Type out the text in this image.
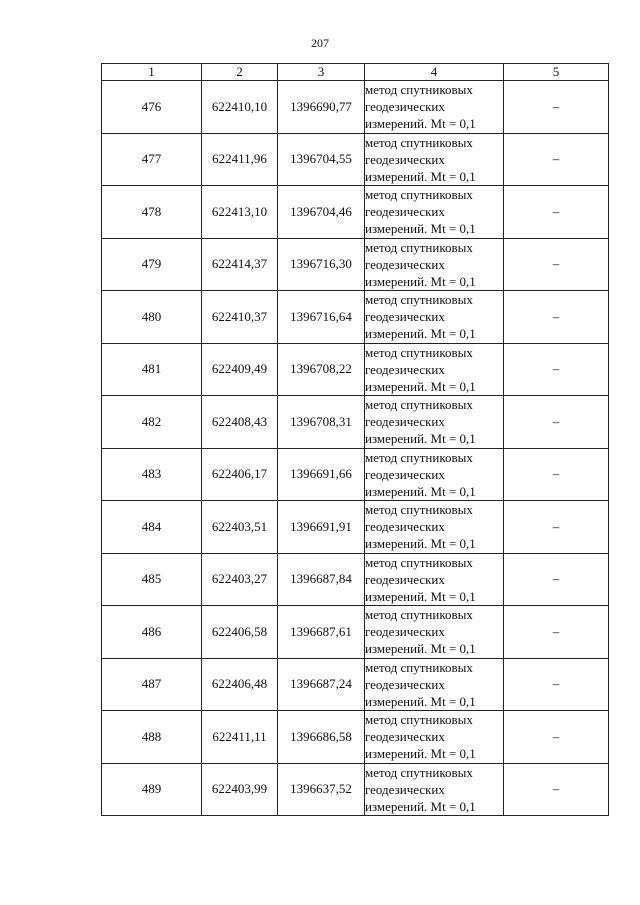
207
1	2	3	4	5
476	622410,10	1396690,77	метод спутниковых
геодезических
измерений. Mt = 0,1	–
477	622411,96	1396704,55	метод спутниковых
геодезических
измерений. Mt = 0,1	–
478	622413,10	1396704,46	метод спутниковых
геодезических
измерений. Mt = 0,1	–
479	622414,37	1396716,30	метод спутниковых
геодезических
измерений. Mt = 0,1	–
480	622410,37	1396716,64	метод спутниковых
геодезических
измерений. Mt = 0,1	–
481	622409,49	1396708,22	метод спутниковых
геодезических
измерений. Mt = 0,1	–
482	622408,43	1396708,31	метод спутниковых
геодезических
измерений. Mt = 0,1	–
483	622406,17	1396691,66	метод спутниковых
геодезических
измерений. Mt = 0,1	–
484	622403,51	1396691,91	метод спутниковых
геодезических
измерений. Mt = 0,1	–
485	622403,27	1396687,84	метод спутниковых
геодезических
измерений. Mt = 0,1	–
486	622406,58	1396687,61	метод спутниковых
геодезических
измерений. Mt = 0,1	–
487	622406,48	1396687,24	метод спутниковых
геодезических
измерений. Mt = 0,1	–
488	622411,11	1396686,58	метод спутниковых
геодезических
измерений. Mt = 0,1	–
489	622403,99	1396637,52	метод спутниковых
геодезических
измерений. Mt = 0,1	–
